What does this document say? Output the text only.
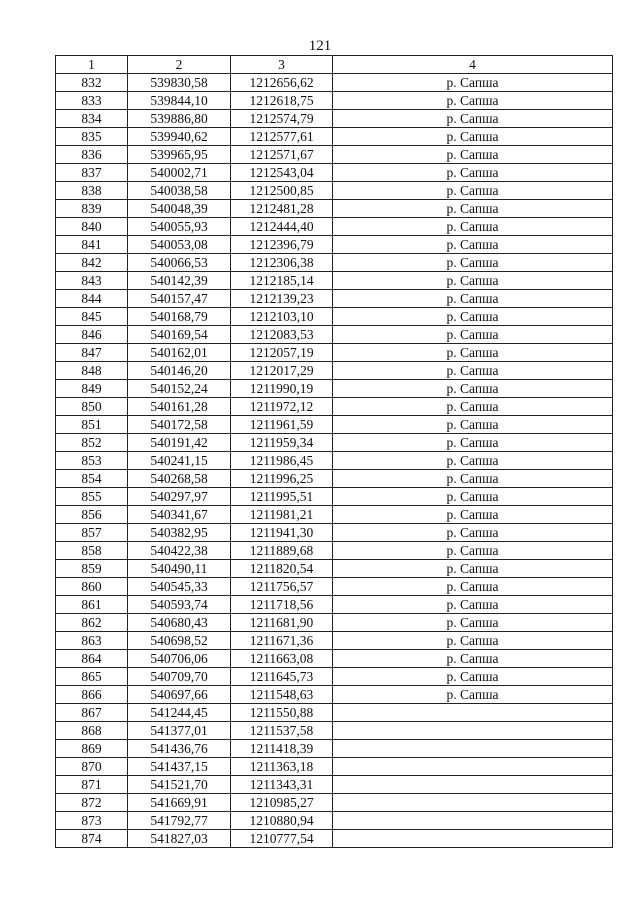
121
1	2	3	4
832	539830,58	1212656,62	р. Сапша
833	539844,10	1212618,75	р. Сапша
834	539886,80	1212574,79	р. Сапша
835	539940,62	1212577,61	р. Сапша
836	539965,95	1212571,67	р. Сапша
837	540002,71	1212543,04	р. Сапша
838	540038,58	1212500,85	р. Сапша
839	540048,39	1212481,28	р. Сапша
840	540055,93	1212444,40	р. Сапша
841	540053,08	1212396,79	р. Сапша
842	540066,53	1212306,38	р. Сапша
843	540142,39	1212185,14	р. Сапша
844	540157,47	1212139,23	р. Сапша
845	540168,79	1212103,10	р. Сапша
846	540169,54	1212083,53	р. Сапша
847	540162,01	1212057,19	р. Сапша
848	540146,20	1212017,29	р. Сапша
849	540152,24	1211990,19	р. Сапша
850	540161,28	1211972,12	р. Сапша
851	540172,58	1211961,59	р. Сапша
852	540191,42	1211959,34	р. Сапша
853	540241,15	1211986,45	р. Сапша
854	540268,58	1211996,25	р. Сапша
855	540297,97	1211995,51	р. Сапша
856	540341,67	1211981,21	р. Сапша
857	540382,95	1211941,30	р. Сапша
858	540422,38	1211889,68	р. Сапша
859	540490,11	1211820,54	р. Сапша
860	540545,33	1211756,57	р. Сапша
861	540593,74	1211718,56	р. Сапша
862	540680,43	1211681,90	р. Сапша
863	540698,52	1211671,36	р. Сапша
864	540706,06	1211663,08	р. Сапша
865	540709,70	1211645,73	р. Сапша
866	540697,66	1211548,63	р. Сапша
867	541244,45	1211550,88	
868	541377,01	1211537,58	
869	541436,76	1211418,39	
870	541437,15	1211363,18	
871	541521,70	1211343,31	
872	541669,91	1210985,27	
873	541792,77	1210880,94	
874	541827,03	1210777,54	
